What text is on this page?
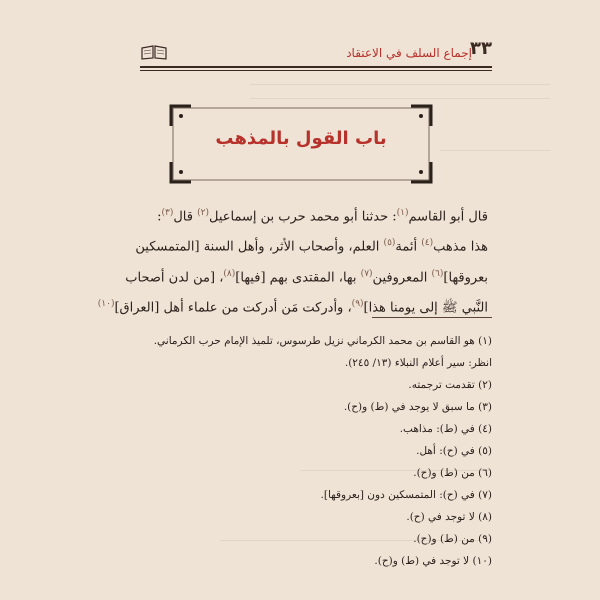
٣٣
إجماع السلف في الاعتقاد
باب القول بالمذهب
قال أبو القاسم$^{(١)}$: حدثنا أبو محمد حرب بن إسماعيل$^{(٢)}$ قال$^{(٣)}$:
هذا مذهب$^{(٤)}$ أئمة$^{(٥)}$ العلم، وأصحاب الأثر، وأهل السنة [المتمسكين
بعروقها]$^{(٦)}$ المعروفين$^{(٧)}$ بها، المقتدى بهم [فيها]$^{(٨)}$، [من لدن أصحاب
النَّبي ﷺ إلى يومنا هذا]$^{(٩)}$، وأدركت مَن أدركت من علماء أهل [العراق]$^{(١٠)}$
(١) هو القاسم بن محمد الكرماني نزيل طرسوس، تلميذ الإمام حرب الكرماني. انظر: سير أعلام النبلاء (١٣/ ٢٤٥).
(٢) تقدمت ترجمته.
(٣) ما سبق لا يوجد في (ط) و(ح).
(٤) في (ط): مذاهب.
(٥) في (ح): أهل.
(٦) من (ط) و(ح).
(٧) في (ح): المتمسكين دون [بعروقها].
(٨) لا توجد في (ح).
(٩) من (ط) و(ح).
(١٠) لا توجد في (ط) و(ح).
